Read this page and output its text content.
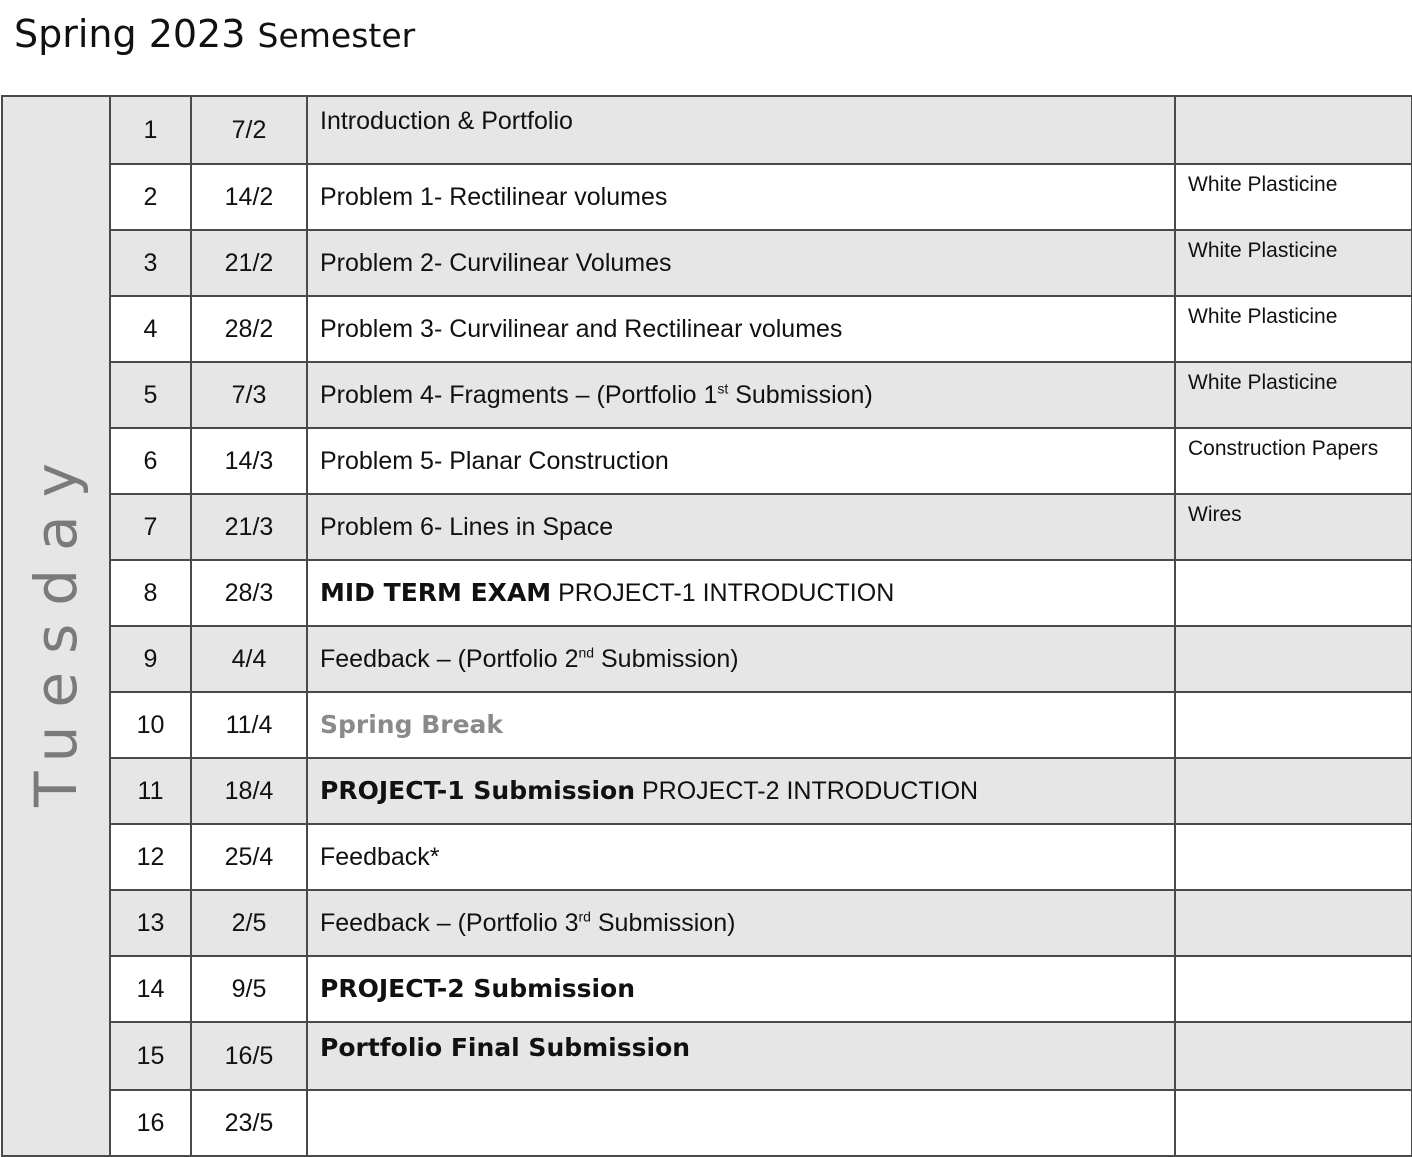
Spring 2023 Semester
Tuesday	1	7/2	Introduction & Portfolio	
	2	14/2	Problem 1- Rectilinear volumes	White Plasticine
	3	21/2	Problem 2- Curvilinear Volumes	White Plasticine
	4	28/2	Problem 3- Curvilinear and Rectilinear volumes	White Plasticine
	5	7/3	Problem 4- Fragments – (Portfolio 1st Submission)	White Plasticine
	6	14/3	Problem 5- Planar Construction	Construction Papers
	7	21/3	Problem 6- Lines in Space	Wires
	8	28/3	MID TERM EXAM PROJECT-1 INTRODUCTION	
	9	4/4	Feedback – (Portfolio 2nd Submission)	
	10	11/4	Spring Break	
	11	18/4	PROJECT-1 Submission PROJECT-2 INTRODUCTION	
	12	25/4	Feedback*	
	13	2/5	Feedback – (Portfolio 3rd Submission)	
	14	9/5	PROJECT-2 Submission	
	15	16/5	Portfolio Final Submission	
	16	23/5		
